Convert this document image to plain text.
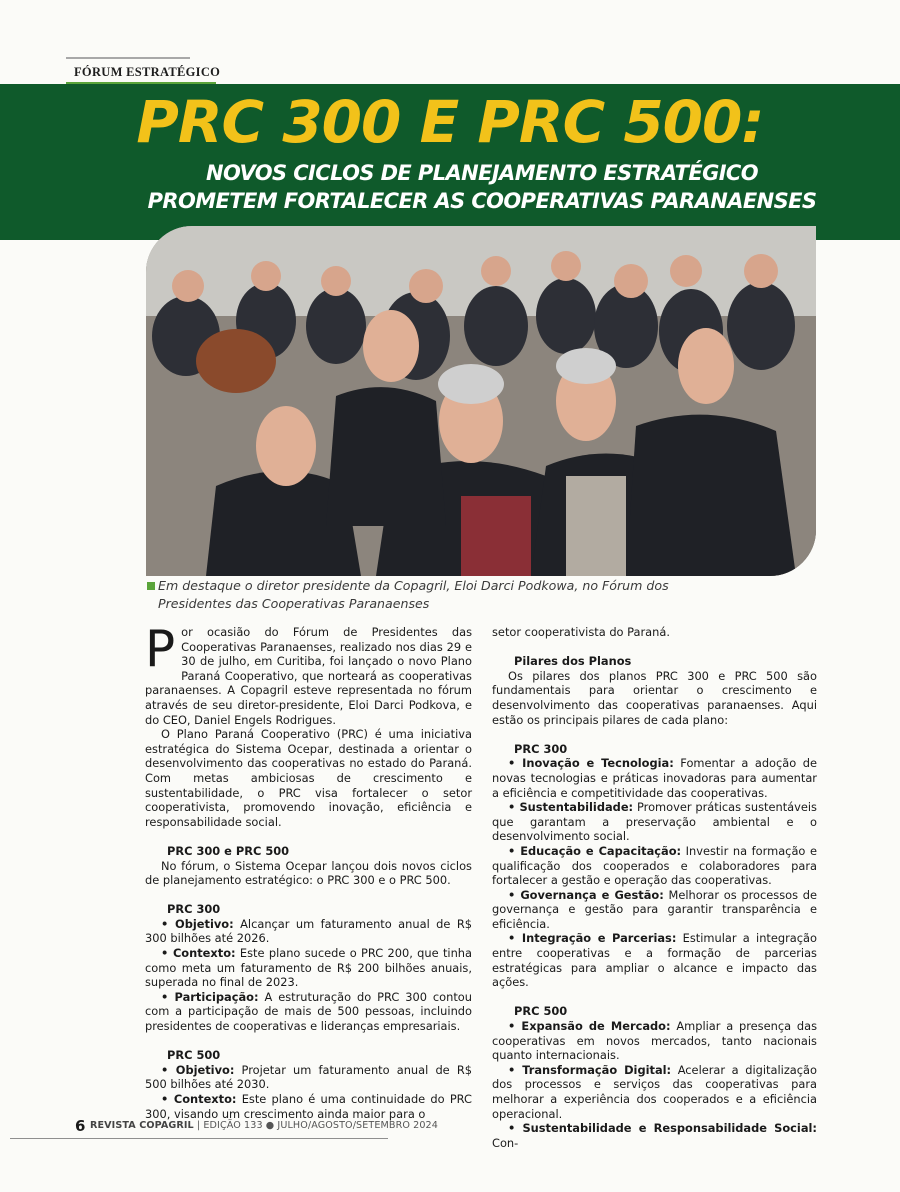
FÓRUM ESTRATÉGICO
PRC 300 E PRC 500:
NOVOS CICLOS DE PLANEJAMENTO ESTRATÉGICO
PROMETEM FORTALECER AS COOPERATIVAS PARANAENSES
Em destaque o diretor presidente da Copagril, Eloi Darci Podkowa, no Fórum dos
Presidentes das Cooperativas Paranaenses

Por ocasião do Fórum de Presidentes das Cooperativas Paranaenses, realizado nos dias 29 e 30 de julho, em Curitiba, foi lançado o novo Plano Paraná Cooperativo, que nortear​á as cooperativas paranaenses. A Copagril esteve representada no fórum através de seu diretor-presidente, Eloi Darci Podkova, e do CEO, Daniel Engels Rodrigues.

O Plano Paraná Cooperativo (PRC) é uma iniciativa estratégica do Sistema Ocepar, destinada a orientar o desenvolvimento das cooperativas no estado do Paraná. Com metas ambiciosas de crescimento e sustentabilidade, o PRC visa fortalecer o setor cooperativista, promovendo inovação, eficiência e responsabilidade social.

PRC 300 e PRC 500

No fórum, o Sistema Ocepar lançou dois novos ciclos de planejamento estratégico: o PRC 300 e o PRC 500.

PRC 300

• Objetivo: Alcançar um faturamento anual de R$ 300 bilhões até 2026.

• Contexto: Este plano sucede o PRC 200, que tinha como meta um faturamento de R$ 200 bilhões anuais, superada no final de 2023.

• Participação: A estruturação do PRC 300 contou com a participação de mais de 500 pessoas, incluindo presidentes de cooperativas e lideranças empresariais.

PRC 500

• Objetivo: Projetar um faturamento anual de R$ 500 bilhões até 2030.

• Contexto: Este plano é uma continuidade do PRC 300, visando um crescimento ainda maior para o

setor cooperativista do Paraná.

Pilares dos Planos

Os pilares dos planos PRC 300 e PRC 500 são fundamentais para orientar o crescimento e desenvolvimento das cooperativas paranaenses. Aqui estão os principais pilares de cada plano:

PRC 300

• Inovação e Tecnologia: Fomentar a adoção de novas tecnologias e práticas inovadoras para aumentar a eficiência e competitividade das cooperativas.

• Sustentabilidade: Promover práticas sustentáveis que garantam a preservação ambiental e o desenvolvimento social.

• Educação e Capacitação: Investir na formação e qualificação dos cooperados e colaboradores para fortalecer a gestão e operação das cooperativas.

• Governança e Gestão: Melhorar os processos de governança e gestão para garantir transparência e eficiência.

• Integração e Parcerias: Estimular a integração entre cooperativas e a formação de parcerias estratégicas para ampliar o alcance e impacto das ações.

PRC 500

• Expansão de Mercado: Ampliar a presença das cooperativas em novos mercados, tanto nacionais quanto internacionais.

• Transformação Digital: Acelerar a digitalização dos processos e serviços das cooperativas para melhorar a experiência dos cooperados e a eficiência operacional.

• Sustentabilidade e Responsabilidade Social: Con-

6 REVISTA COPAGRIL | EDIÇÃO 133 ● JULHO/AGOSTO/SETEMBRO 2024
